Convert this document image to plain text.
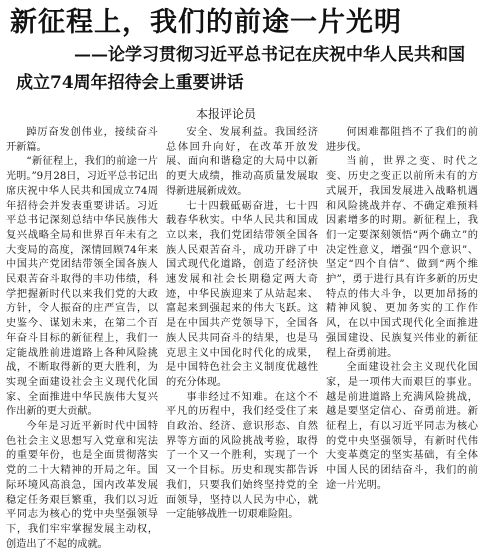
新征程上，我们的前途一片光明
——论学习贯彻习近平总书记在庆祝中华人民共和国
成立74周年招待会上重要讲话
本报评论员

踔厉奋发创伟业，接续奋斗开新篇。

“新征程上，我们的前途一片光明。”9月28日，习近平总书记出席庆祝中华人民共和国成立74周年招待会并发表重要讲话。习近平总书记深刻总结中华民族伟大复兴战略全局和世界百年未有之大变局的高度，深情回顾74年来中国共产党团结带领全国各族人民艰苦奋斗取得的丰功伟绩，科学把握新时代以来我们党的大政方针，令人振奋的庄严宣告，以史鉴今、谋划未来，在第二个百年奋斗目标的新征程上，我们一定能战胜前进道路上各种风险挑战，不断取得新的更大胜利，为实现全面建设社会主义现代化国家、全面推进中华民族伟大复兴作出新的更大贡献。

今年是习近平新时代中国特色社会主义思想写入党章和宪法的重要年份，也是全面贯彻落实党的二十大精神的开局之年。国际环境风高浪急，国内改革发展稳定任务艰巨繁重，我们以习近平同志为核心的党中央坚强领导下，我们牢牢掌握发展主动权，创造出了不起的成就。

安全、发展利益。我国经济总体回升向好，在改革开放发展、面向和谐稳定的大局中以新的更大成绩，推动高质量发展取得新进展新成效。

七十四载砥砺奋进，七十四载春华秋实。中华人民共和国成立以来，我们党团结带领全国各族人民艰苦奋斗，成功开辟了中国式现代化道路，创造了经济快速发展和社会长期稳定两大奇迹，中华民族迎来了从站起来、富起来到强起来的伟大飞跃。这是在中国共产党领导下，全国各族人民共同奋斗的结果，也是马克思主义中国化时代化的成果，是中国特色社会主义制度优越性的充分体现。

事非经过不知难。在这个不平凡的历程中，我们经受住了来自政治、经济、意识形态、自然界等方面的风险挑战考验，取得了一个又一个胜利，实现了一个又一个目标。历史和现实都告诉我们，只要我们始终坚持党的全面领导，坚持以人民为中心，就一定能够战胜一切艰难险阻。

何困难都阻挡不了我们的前进步伐。

当前，世界之变、时代之变、历史之变正以前所未有的方式展开，我国发展进入战略机遇和风险挑战并存、不确定难预料因素增多的时期。新征程上，我们一定要深刻领悟“两个确立”的决定性意义，增强“四个意识”、坚定“四个自信”、做到“两个维护”，勇于进行具有许多新的历史特点的伟大斗争，以更加昂扬的精神风貌、更加务实的工作作风，在以中国式现代化全面推进强国建设、民族复兴伟业的新征程上奋勇前进。

全面建设社会主义现代化国家，是一项伟大而艰巨的事业。越是前进道路上充满风险挑战，越是要坚定信心、奋勇前进。新征程上，有以习近平同志为核心的党中央坚强领导，有新时代伟大变革奠定的坚实基础，有全体中国人民的团结奋斗，我们的前途一片光明。
